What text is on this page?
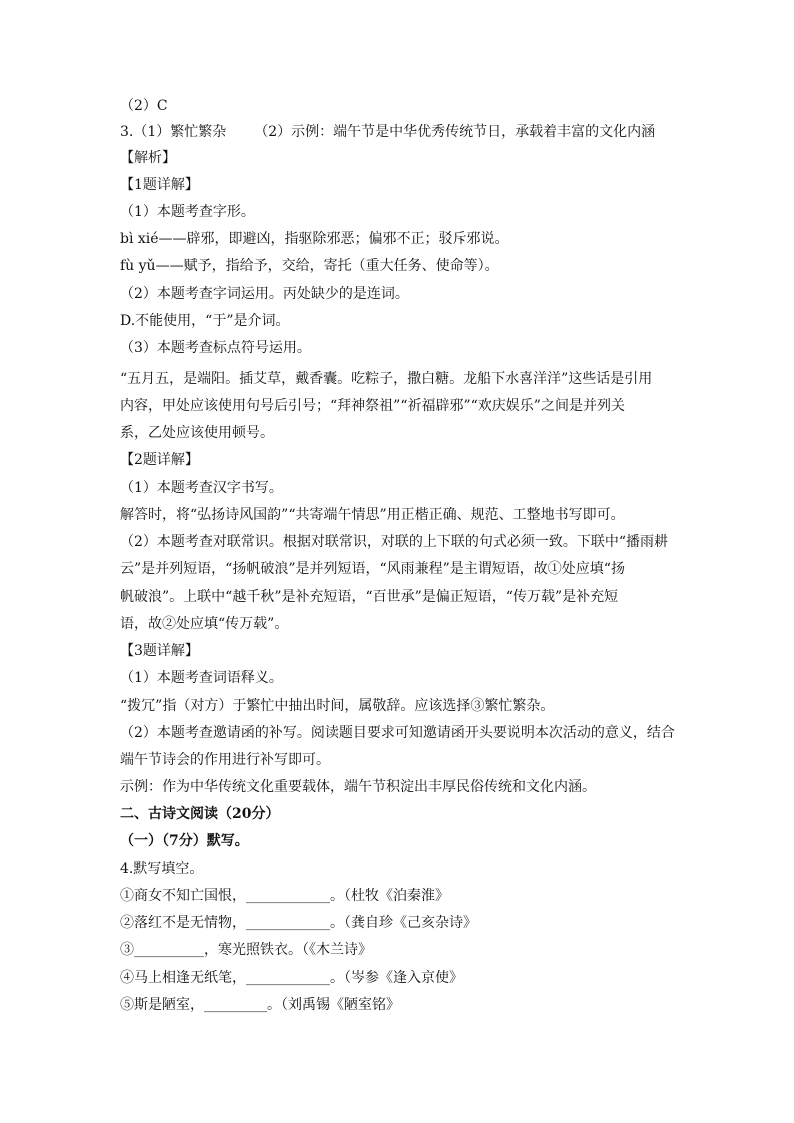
（2）C
3.（1）繁忙繁杂 （2）示例：端午节是中华优秀传统节日，承载着丰富的文化内涵
【解析】
【1题详解】
（1）本题考查字形。
bì xié——辟邪，即避凶，指驱除邪恶；偏邪不正；驳斥邪说。
fù yǔ——赋予，指给予，交给，寄托（重大任务、使命等）。
（2）本题考查字词运用。丙处缺少的是连词。
D.不能使用，“于”是介词。
（3）本题考查标点符号运用。
“五月五，是端阳。插艾草，戴香囊。吃粽子，撒白糖。龙船下水喜洋洋”这些话是引用
内容，甲处应该使用句号后引号；“拜神祭祖”“祈福辟邪”“欢庆娱乐”之间是并列关
系，乙处应该使用顿号。
【2题详解】
（1）本题考查汉字书写。
解答时，将“弘扬诗风国韵”“共寄端午情思”用正楷正确、规范、工整地书写即可。
（2）本题考查对联常识。根据对联常识，对联的上下联的句式必须一致。下联中“播雨耕
云”是并列短语，“扬帆破浪”是并列短语，“风雨兼程”是主谓短语，故①处应填“扬
帆破浪”。上联中“越千秋”是补充短语，“百世承”是偏正短语，“传万载”是补充短
语，故②处应填“传万载”。
【3题详解】
（1）本题考查词语释义。
“拨冗”指（对方）于繁忙中抽出时间，属敬辞。应该选择③繁忙繁杂。
（2）本题考查邀请函的补写。阅读题目要求可知邀请函开头要说明本次活动的意义，结合
端午节诗会的作用进行补写即可。
示例：作为中华传统文化重要载体，端午节积淀出丰厚民俗传统和文化内涵。
二、古诗文阅读（20分）
（一）（7分）默写。
4.默写填空。
①商女不知亡国恨，____________。（杜牧《泊秦淮》
②落红不是无情物，____________。（龚自珍《己亥杂诗》
③__________，寒光照铁衣。（《木兰诗》
④马上相逢无纸笔，____________。（岑参《逢入京使》
⑤斯是陋室，_________。（刘禹锡《陋室铭》
